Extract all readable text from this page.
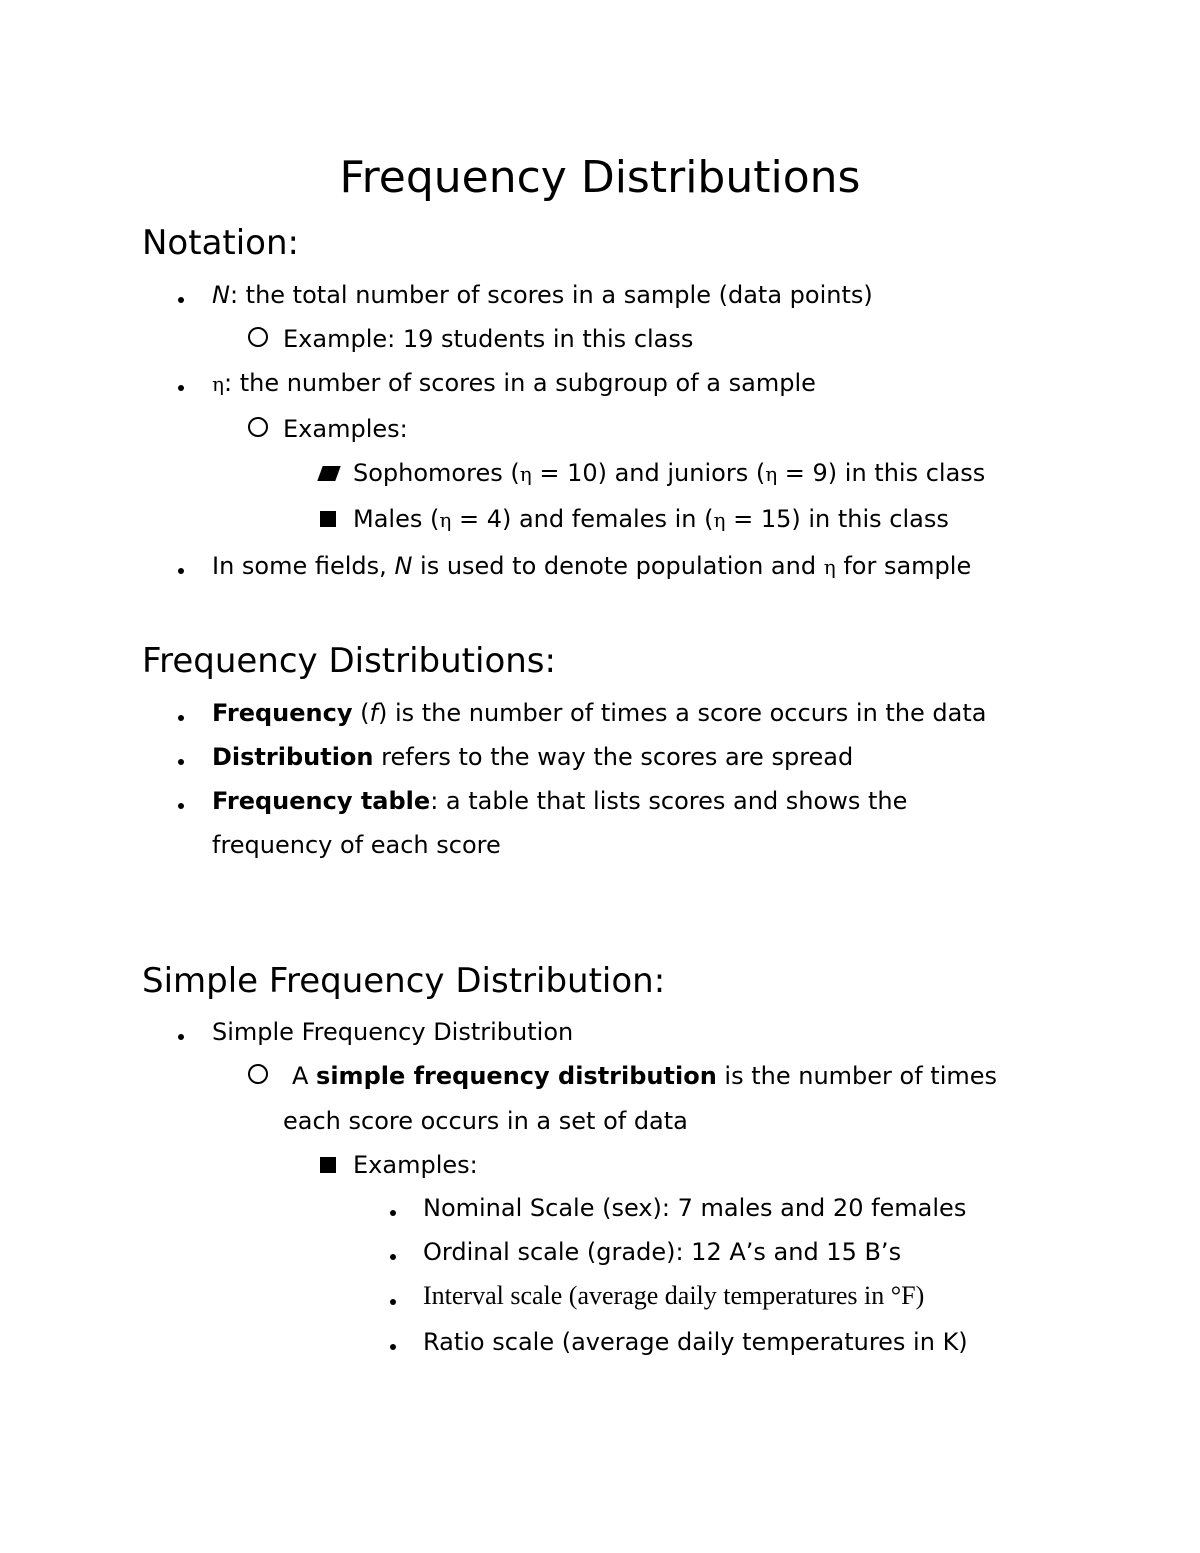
Frequency Distributions
Notation:
N: the total number of scores in a sample (data points)
Example: 19 students in this class
η: the number of scores in a subgroup of a sample
Examples:
Sophomores (η = 10) and juniors (η = 9) in this class
Males (η = 4) and females in (η = 15) in this class
In some fields, N is used to denote population and η for sample
Frequency Distributions:
Frequency (f) is the number of times a score occurs in the data
Distribution refers to the way the scores are spread
Frequency table: a table that lists scores and shows the
frequency of each score
Simple Frequency Distribution:
Simple Frequency Distribution
A simple frequency distribution is the number of times
each score occurs in a set of data
Examples:
Nominal Scale (sex): 7 males and 20 females
Ordinal scale (grade): 12 A’s and 15 B’s
Interval scale (average daily temperatures in °F)
Ratio scale (average daily temperatures in K)
